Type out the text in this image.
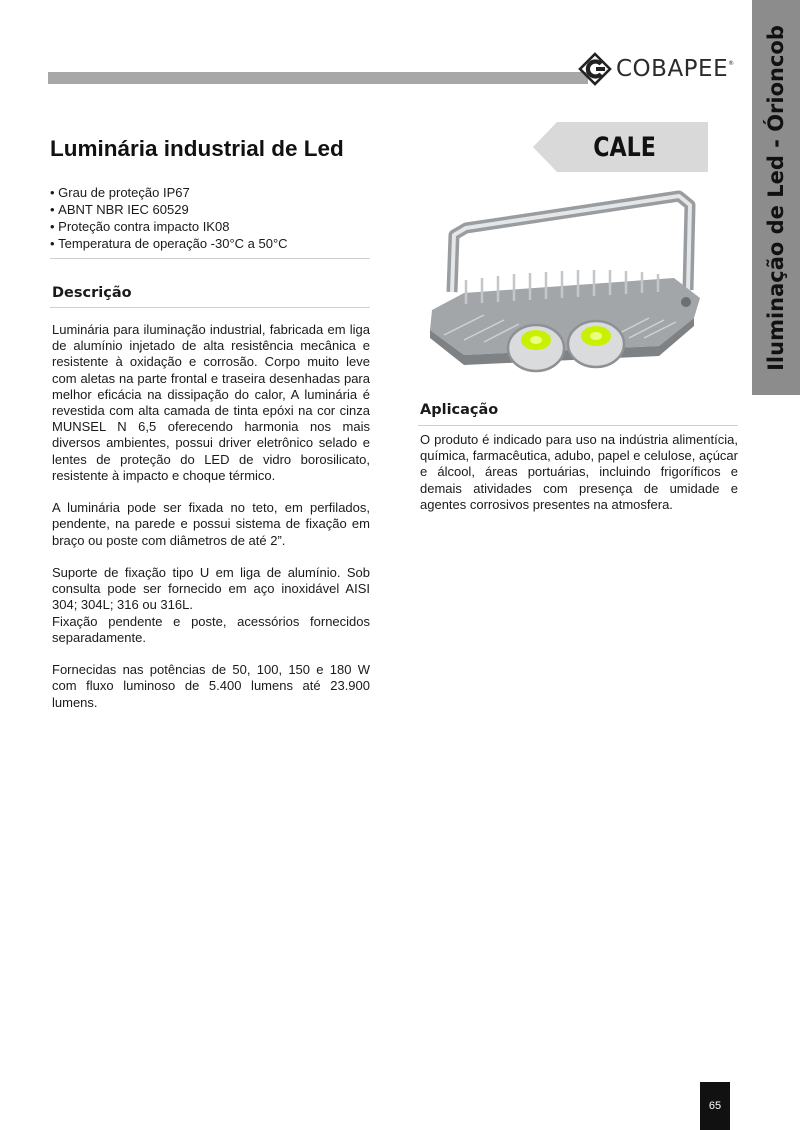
COBAPEE® Iluminação de Led - Órioncob
Luminária industrial de Led	CALE
• Grau de proteção IP67
• ABNT NBR IEC 60529
• Proteção contra impacto IK08
• Temperatura de operação -30°C a 50°C
Descrição

Luminária para iluminação industrial, fabricada em liga de alumínio injetado de alta resistência mecânica e resistente à oxidação e corrosão. Corpo muito leve com aletas na parte frontal e traseira desenhadas para melhor eficácia na dissipação do calor, A luminária é revestida com alta camada de tinta epóxi na cor cinza MUNSEL N 6,5 oferecendo harmonia nos mais diversos ambientes, possui driver eletrônico selado e lentes de proteção do LED de vidro borosilicato, resistente à impacto e choque térmico.

A luminária pode ser fixada no teto, em perfilados, pendente, na parede e possui sistema de fixação em braço ou poste com diâmetros de até 2”.

Suporte de fixação tipo U em liga de alumínio. Sob consulta pode ser fornecido em aço inoxidável AISI 304; 304L; 316 ou 316L.

Fixação pendente e poste, acessórios fornecidos separadamente.

Fornecidas nas potências de 50, 100, 150 e 180 W com fluxo luminoso de 5.400 lumens até 23.900 lumens.

Aplicação

O produto é indicado para uso na indústria alimentícia, química, farmacêutica, adubo, papel e celulose, açúcar e álcool, áreas portuárias, incluindo frigoríficos e demais atividades com presença de umidade e agentes corrosivos presentes na atmosfera.

65
